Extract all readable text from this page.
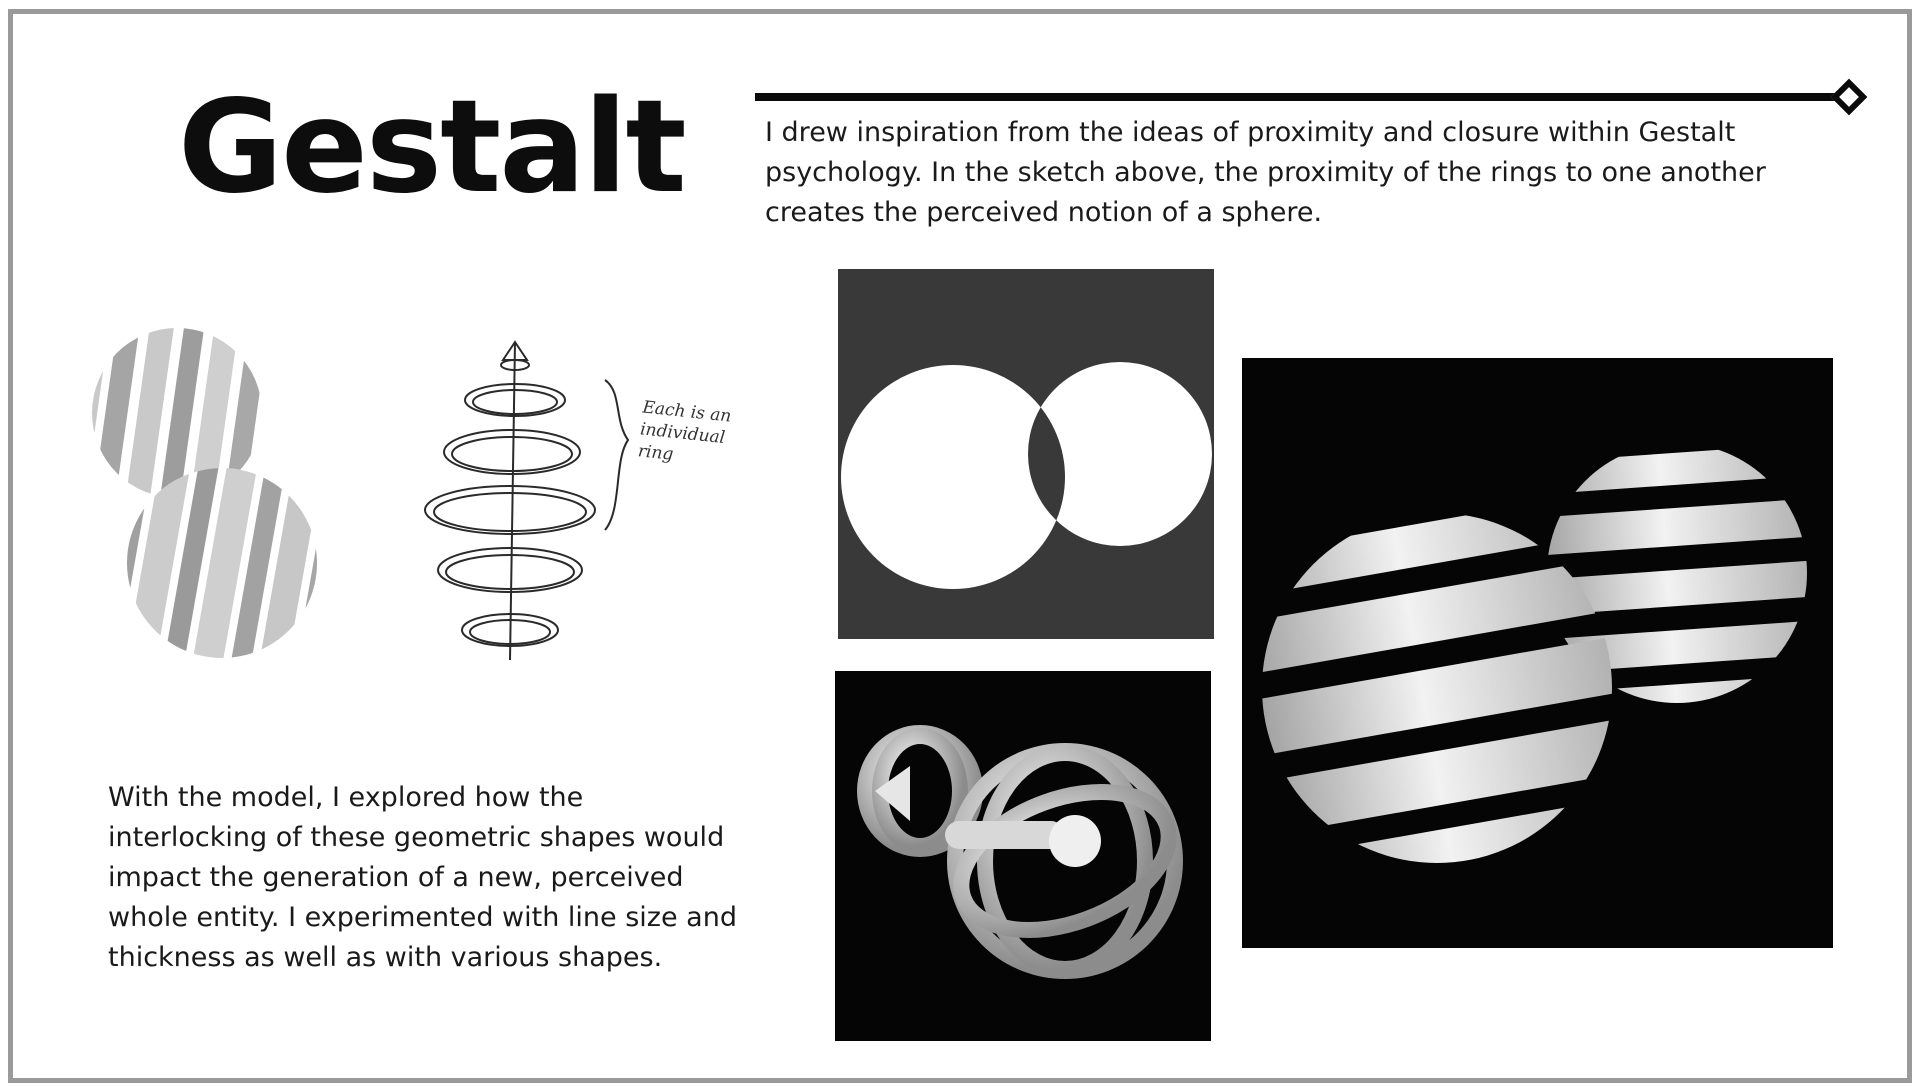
Gestalt	I drew inspiration from the ideas of proximity and closure within Gestalt psychology. In the sketch above, the proximity of the rings to one another creates the perceived notion of a sphere.
Each is an individual ring
With the model, I explored how the interlocking of these geometric shapes would impact the generation of a new, perceived whole entity. I experimented with line size and thickness as well as with various shapes.
